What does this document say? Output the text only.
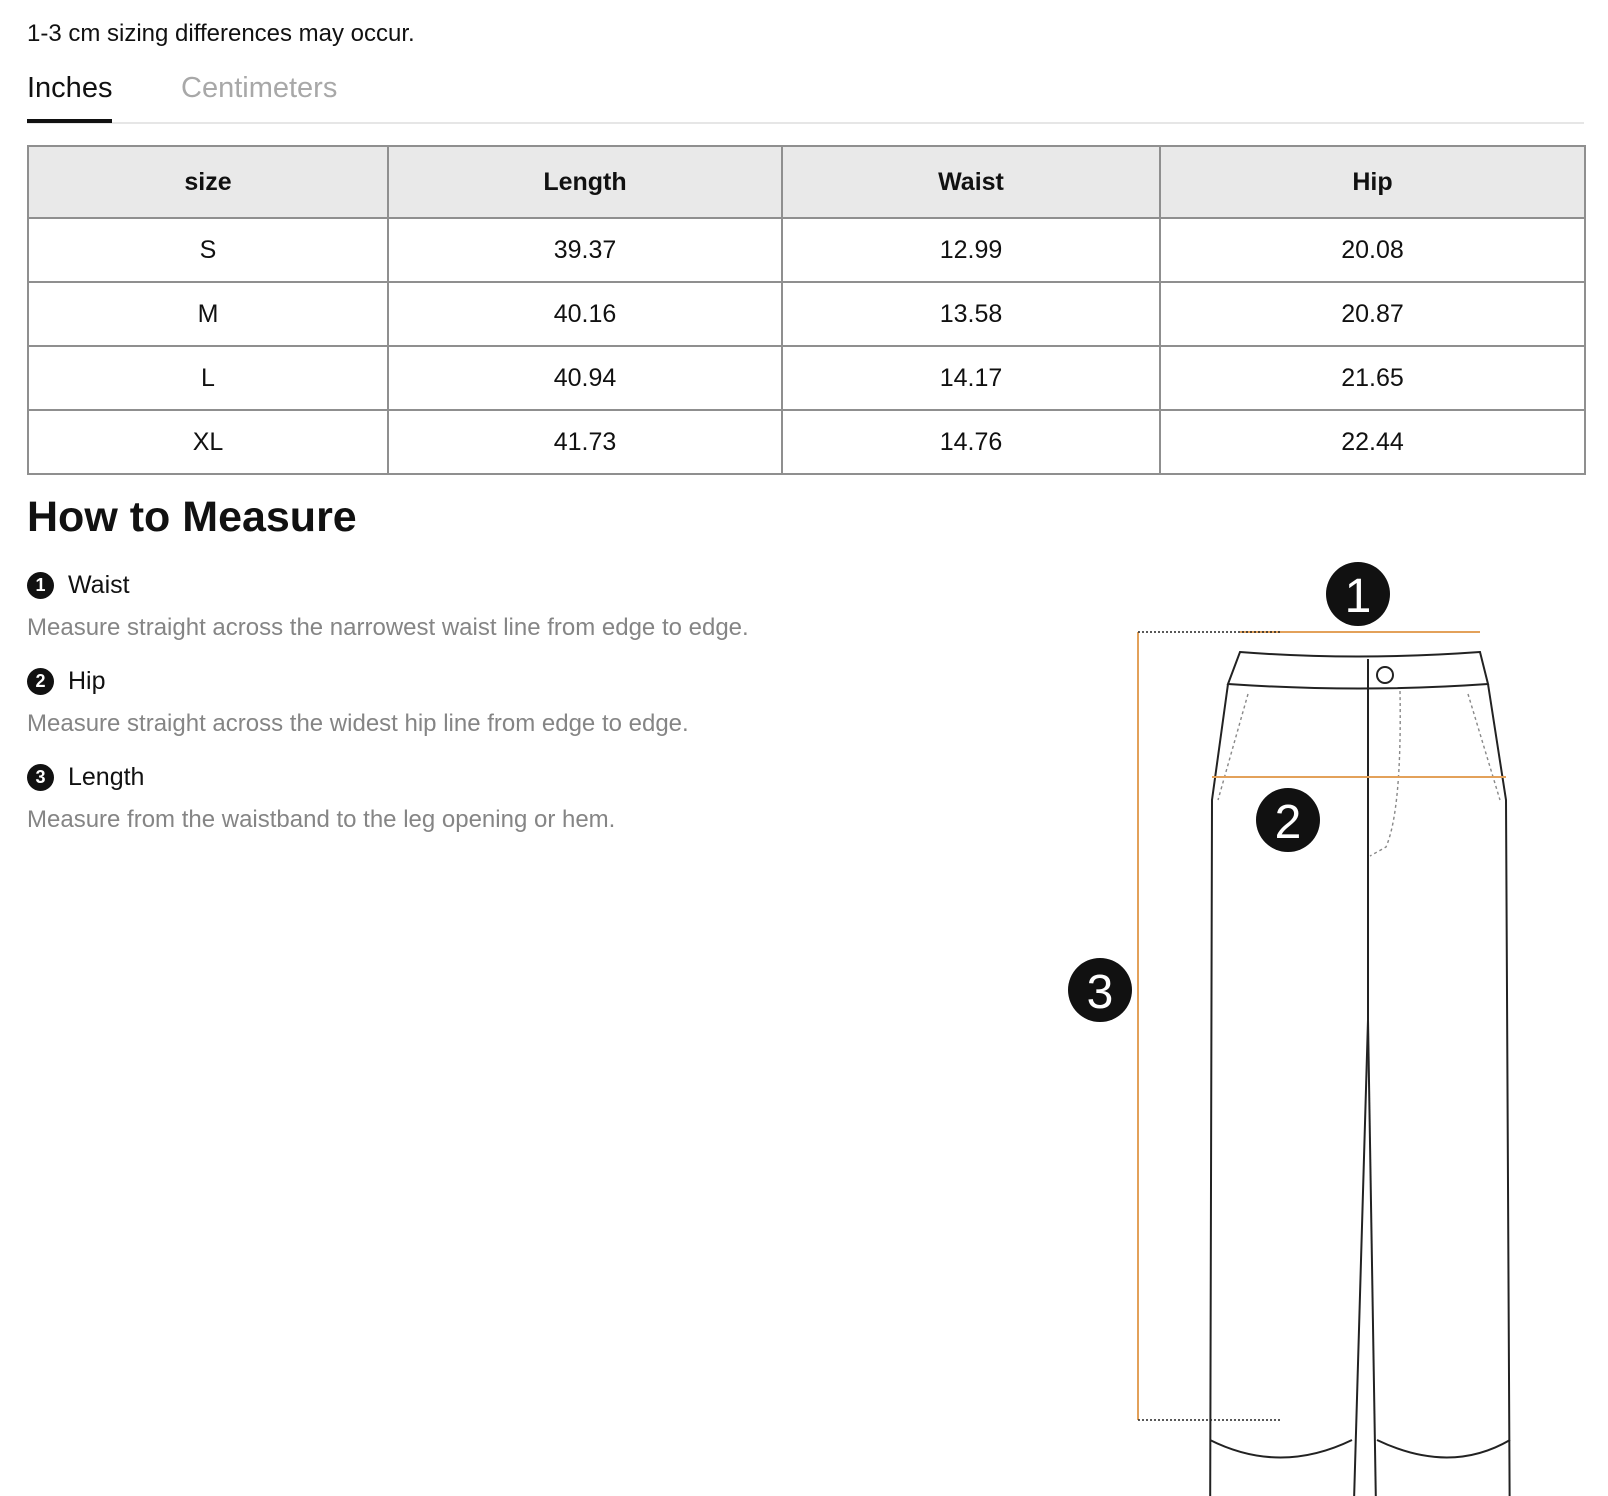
1-3 cm sizing differences may occur.
Inches Centimeters
size	Length	Waist	Hip
S	39.37	12.99	20.08
M	40.16	13.58	20.87
L	40.94	14.17	21.65
XL	41.73	14.76	22.44
How to Measure
1 Waist
Measure straight across the narrowest waist line from edge to edge.
2 Hip
Measure straight across the widest hip line from edge to edge.
3 Length
Measure from the waistband to the leg opening or hem.
1
2
3
